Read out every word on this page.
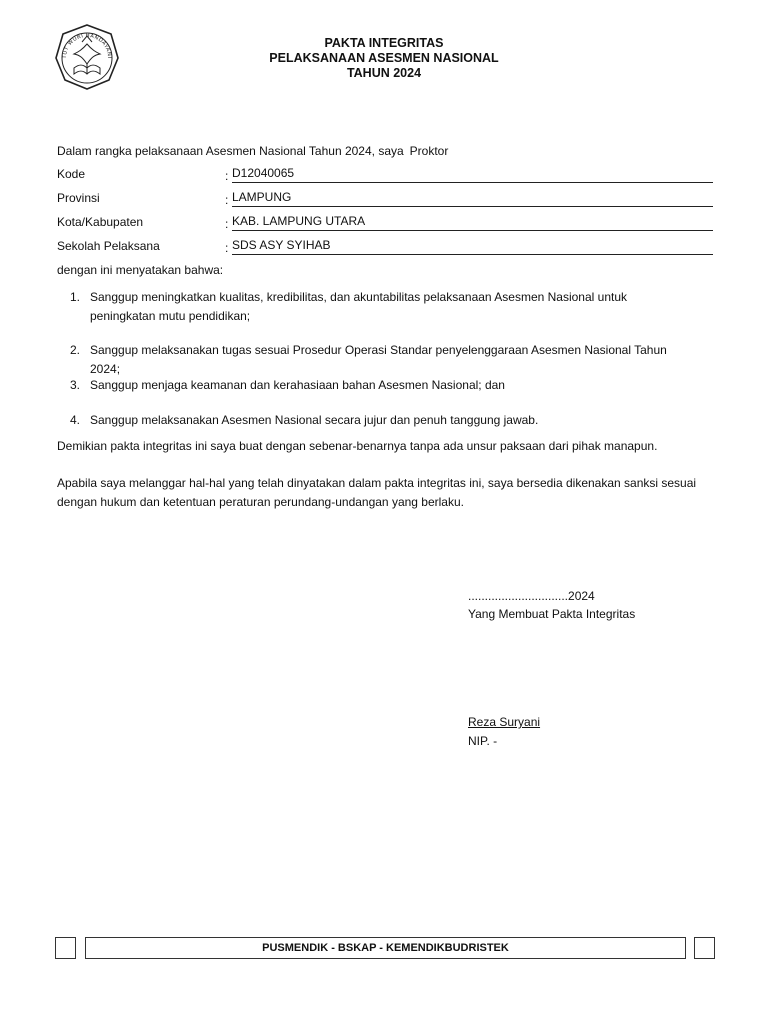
TUT WURI HANDAYANI
PAKTA INTEGRITAS
PELAKSANAAN ASESMEN NASIONAL
TAHUN 2024
Dalam rangka pelaksanaan Asesmen Nasional Tahun 2024, saya Proktor
Kode	: D12040065
Provinsi	: LAMPUNG
Kota/Kabupaten	: KAB. LAMPUNG UTARA
Sekolah Pelaksana	: SDS ASY SYIHAB
dengan ini menyatakan bahwa:
1. Sanggup meningkatkan kualitas, kredibilitas, dan akuntabilitas pelaksanaan Asesmen Nasional untuk peningkatan mutu pendidikan;
2. Sanggup melaksanakan tugas sesuai Prosedur Operasi Standar penyelenggaraan Asesmen Nasional Tahun 2024;
3. Sanggup menjaga keamanan dan kerahasiaan bahan Asesmen Nasional; dan
4. Sanggup melaksanakan Asesmen Nasional secara jujur dan penuh tanggung jawab.
Demikian pakta integritas ini saya buat dengan sebenar-benarnya tanpa ada unsur paksaan dari pihak manapun.
Apabila saya melanggar hal-hal yang telah dinyatakan dalam pakta integritas ini, saya bersedia dikenakan sanksi sesuai dengan hukum dan ketentuan peraturan perundang-undangan yang berlaku.
..............................2024
Yang Membuat Pakta Integritas
Reza Suryani
NIP. -
PUSMENDIK - BSKAP - KEMENDIKBUDRISTEK
